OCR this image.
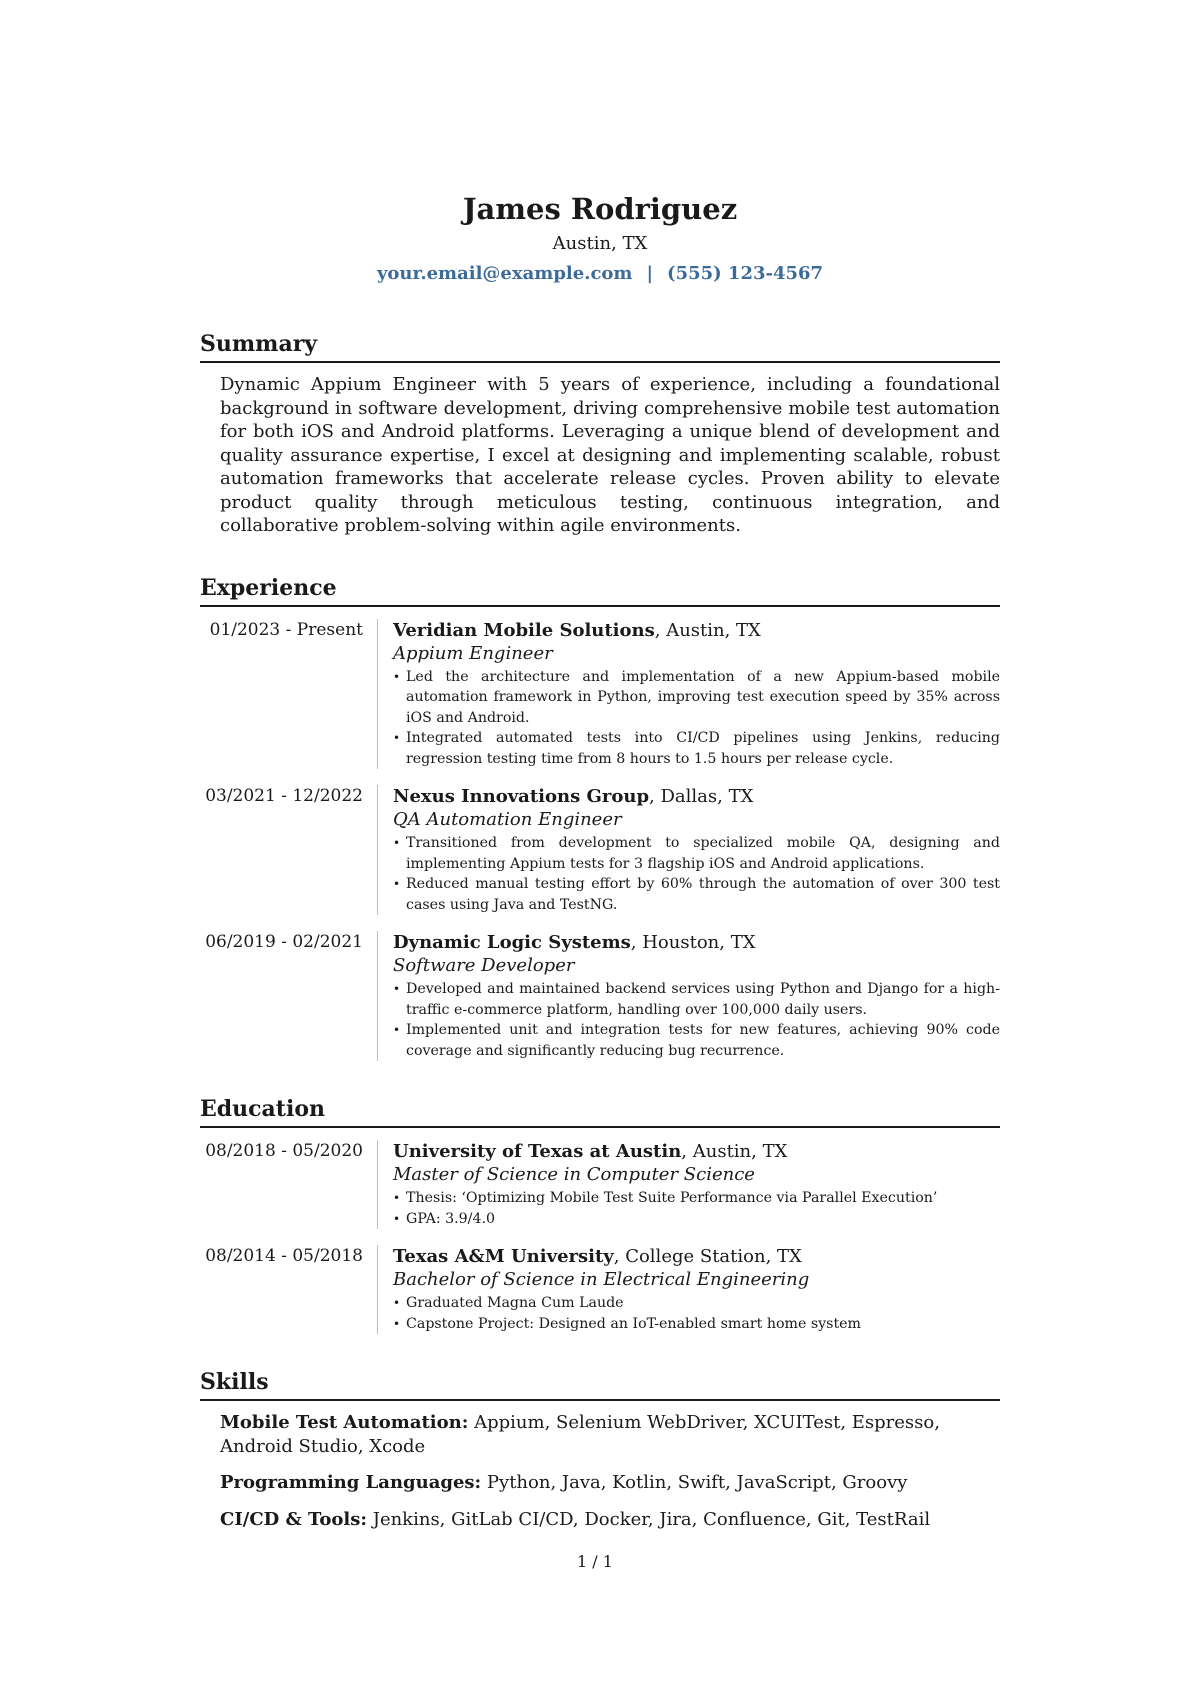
James Rodriguez
Austin, TX
your.email@example.com | (555) 123-4567
Summary

Dynamic Appium Engineer with 5 years of experience, including a foundational background in software development, driving comprehensive mobile test automation for both iOS and Android platforms. Leveraging a unique blend of development and quality assurance expertise, I excel at designing and implementing scalable, robust automation frameworks that accelerate release cycles. Proven ability to elevate product quality through meticulous testing, continuous integration, and collaborative problem-solving within agile environments.

Experience
01/2023 - Present	Veridian Mobile Solutions, Austin, TX
Appium Engineer
• Led the architecture and implementation of a new Appium-based mobile automation framework in Python, improving test execution speed by 35% across iOS and Android.
• Integrated automated tests into CI/CD pipelines using Jenkins, reducing regression testing time from 8 hours to 1.5 hours per release cycle.
03/2021 - 12/2022	Nexus Innovations Group, Dallas, TX
QA Automation Engineer
• Transitioned from development to specialized mobile QA, designing and implementing Appium tests for 3 flagship iOS and Android applications.
• Reduced manual testing effort by 60% through the automation of over 300 test cases using Java and TestNG.
06/2019 - 02/2021	Dynamic Logic Systems, Houston, TX
Software Developer
• Developed and maintained backend services using Python and Django for a high-traffic e-commerce platform, handling over 100,000 daily users.
• Implemented unit and integration tests for new features, achieving 90% code coverage and significantly reducing bug recurrence.
Education
08/2018 - 05/2020	University of Texas at Austin, Austin, TX
Master of Science in Computer Science
• Thesis: ‘Optimizing Mobile Test Suite Performance via Parallel Execution’
• GPA: 3.9/4.0
08/2014 - 05/2018	Texas A&M University, College Station, TX
Bachelor of Science in Electrical Engineering
• Graduated Magna Cum Laude
• Capstone Project: Designed an IoT-enabled smart home system
Skills
Mobile Test Automation: Appium, Selenium WebDriver, XCUITest, Espresso, Android Studio, Xcode
Programming Languages: Python, Java, Kotlin, Swift, JavaScript, Groovy
CI/CD & Tools: Jenkins, GitLab CI/CD, Docker, Jira, Confluence, Git, TestRail
1 / 1
